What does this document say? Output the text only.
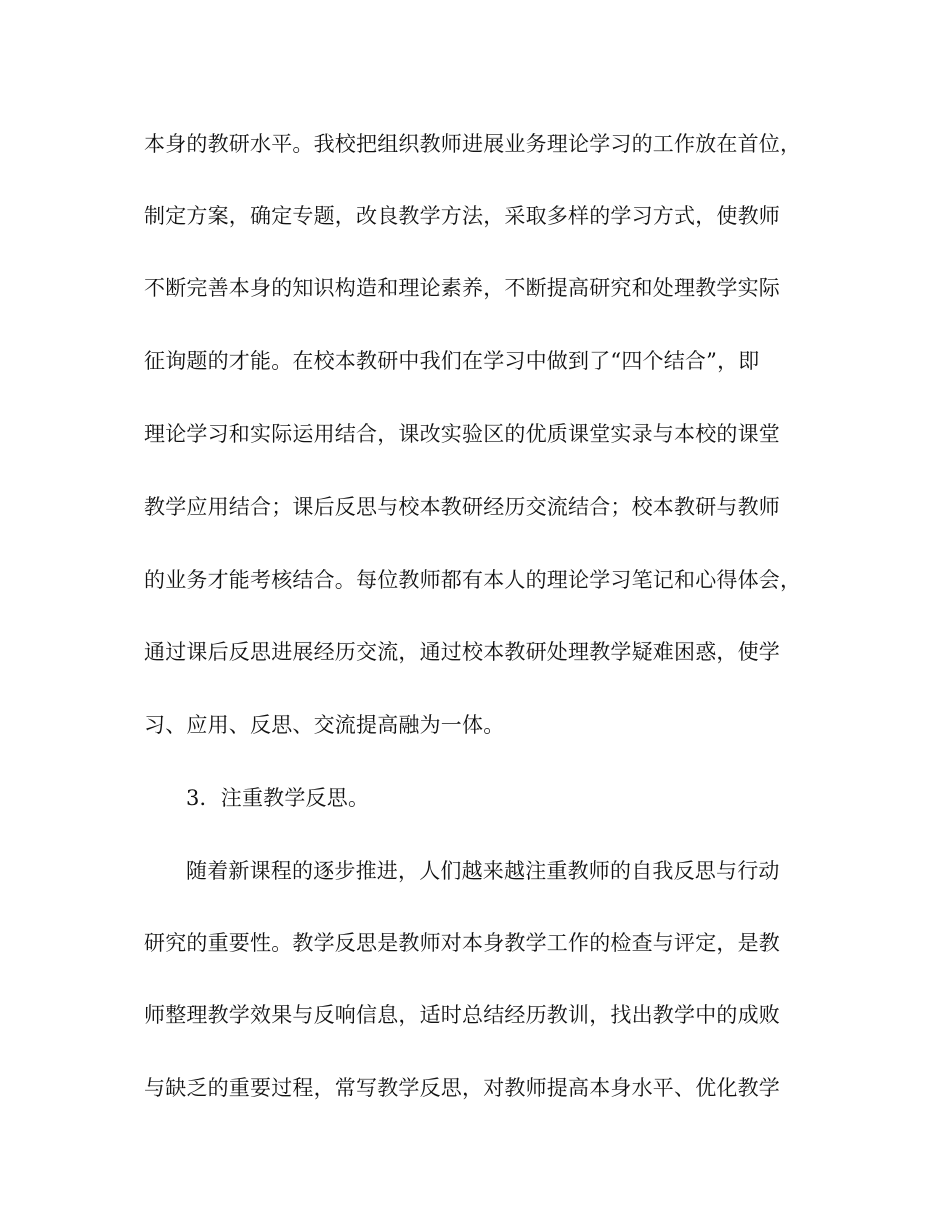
本身的教研水平。我校把组织教师进展业务理论学习的工作放在首位，
制定方案，确定专题，改良教学方法，采取多样的学习方式，使教师
不断完善本身的知识构造和理论素养，不断提高研究和处理教学实际
征询题的才能。在校本教研中我们在学习中做到了“四个结合”，即
理论学习和实际运用结合，课改实验区的优质课堂实录与本校的课堂
教学应用结合；课后反思与校本教研经历交流结合；校本教研与教师
的业务才能考核结合。每位教师都有本人的理论学习笔记和心得体会，
通过课后反思进展经历交流，通过校本教研处理教学疑难困惑，使学
习、应用、反思、交流提高融为一体。
3．注重教学反思。
随着新课程的逐步推进，人们越来越注重教师的自我反思与行动
研究的重要性。教学反思是教师对本身教学工作的检查与评定，是教
师整理教学效果与反响信息，适时总结经历教训，找出教学中的成败
与缺乏的重要过程，常写教学反思，对教师提高本身水平、优化教学
